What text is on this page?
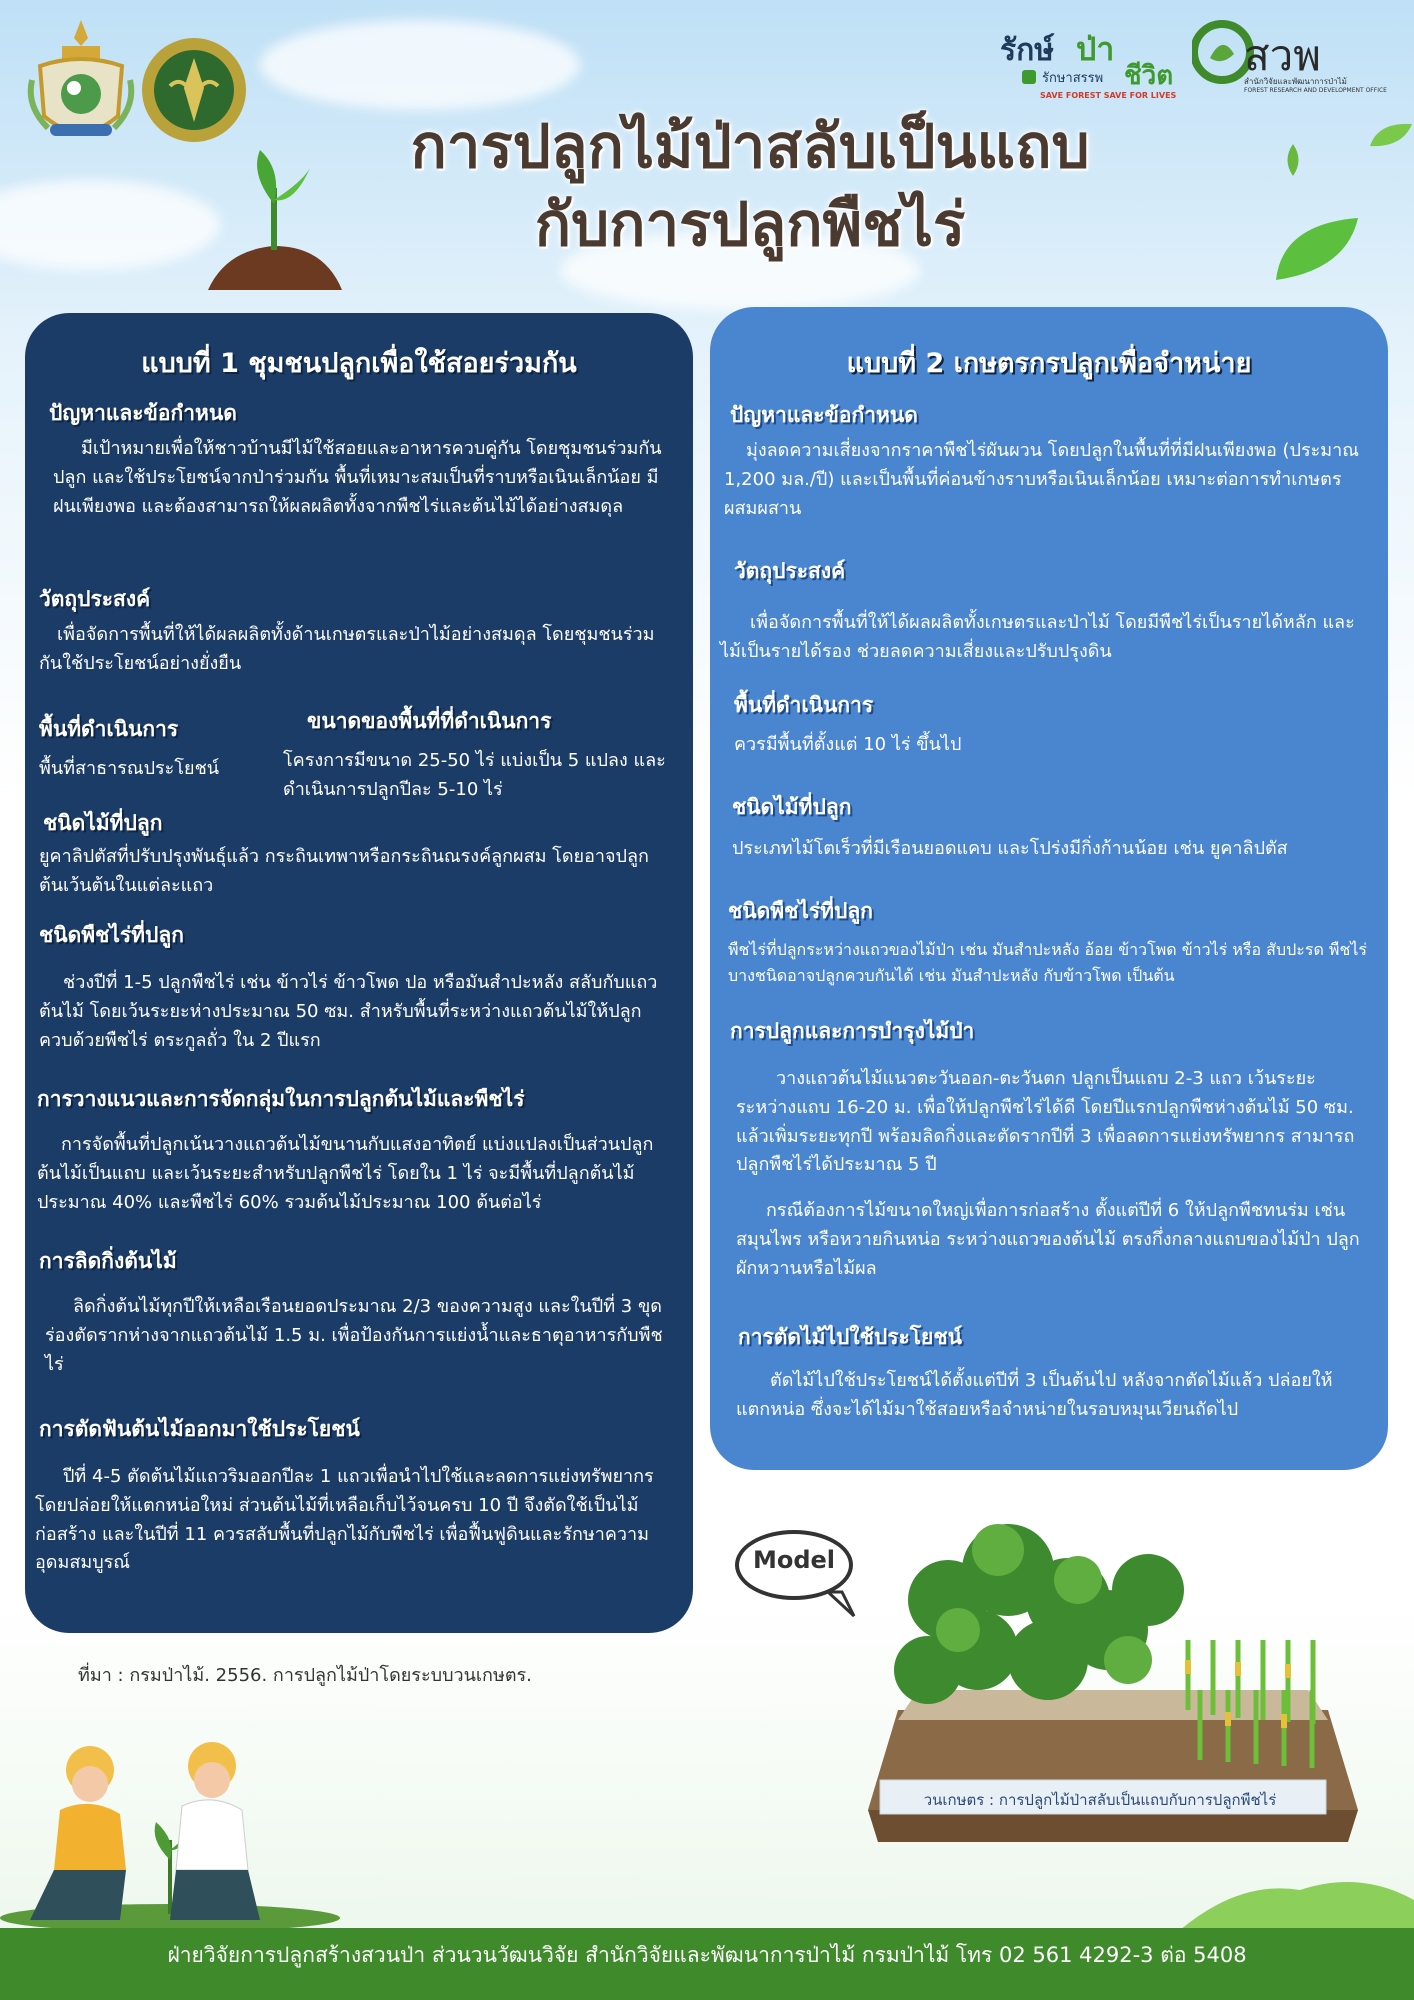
รักษ์ ป่า
ชีวิต
รักษาสรรพ
SAVE FOREST SAVE FOR LIVES
สวพ
สำนักวิจัยและพัฒนาการป่าไม้
FOREST RESEARCH AND DEVELOPMENT OFFICE
การปลูกไม้ป่าสลับเป็นแถบ
กับการปลูกพืชไร่
แบบที่ 1 ชุมชนปลูกเพื่อใช้สอยร่วมกัน
ปัญหาและข้อกำหนด

มีเป้าหมายเพื่อให้ชาวบ้านมีไม้ใช้สอยและอาหารควบคู่กัน โดยชุมชนร่วมกันปลูก และใช้ประโยชน์จากป่าร่วมกัน พื้นที่เหมาะสมเป็นที่ราบหรือเนินเล็กน้อย มีฝนเพียงพอ และต้องสามารถให้ผลผลิตทั้งจากพืชไร่และต้นไม้ได้อย่างสมดุล

วัตถุประสงค์

เพื่อจัดการพื้นที่ให้ได้ผลผลิตทั้งด้านเกษตรและป่าไม้อย่างสมดุล โดยชุมชนร่วมกันใช้ประโยชน์อย่างยั่งยืน

พื้นที่ดำเนินการ

พื้นที่สาธารณประโยชน์

ขนาดของพื้นที่ที่ดำเนินการ

โครงการมีขนาด 25-50 ไร่ แบ่งเป็น 5 แปลง และดำเนินการปลูกปีละ 5-10 ไร่

ชนิดไม้ที่ปลูก

ยูคาลิปตัสที่ปรับปรุงพันธุ์แล้ว กระถินเทพาหรือกระถินณรงค์ลูกผสม โดยอาจปลูกต้นเว้นต้นในแต่ละแถว

ชนิดพืชไร่ที่ปลูก

ช่วงปีที่ 1-5 ปลูกพืชไร่ เช่น ข้าวไร่ ข้าวโพด ปอ หรือมันสำปะหลัง สลับกับแถวต้นไม้ โดยเว้นระยะห่างประมาณ 50 ซม. สำหรับพื้นที่ระหว่างแถวต้นไม้ให้ปลูกควบด้วยพืชไร่ ตระกูลถั่ว ใน 2 ปีแรก

การวางแนวและการจัดกลุ่มในการปลูกต้นไม้และพืชไร่

การจัดพื้นที่ปลูกเน้นวางแถวต้นไม้ขนานกับแสงอาทิตย์ แบ่งแปลงเป็นส่วนปลูกต้นไม้เป็นแถบ และเว้นระยะสำหรับปลูกพืชไร่ โดยใน 1 ไร่ จะมีพื้นที่ปลูกต้นไม้ประมาณ 40% และพืชไร่ 60% รวมต้นไม้ประมาณ 100 ต้นต่อไร่

การลิดกิ่งต้นไม้

ลิดกิ่งต้นไม้ทุกปีให้เหลือเรือนยอดประมาณ 2/3 ของความสูง และในปีที่ 3 ขุดร่องตัดรากห่างจากแถวต้นไม้ 1.5 ม. เพื่อป้องกันการแย่งน้ำและธาตุอาหารกับพืชไร่

การตัดฟันต้นไม้ออกมาใช้ประโยชน์

ปีที่ 4-5 ตัดต้นไม้แถวริมออกปีละ 1 แถวเพื่อนำไปใช้และลดการแย่งทรัพยากร โดยปล่อยให้แตกหน่อใหม่ ส่วนต้นไม้ที่เหลือเก็บไว้จนครบ 10 ปี จึงตัดใช้เป็นไม้ก่อสร้าง และในปีที่ 11 ควรสลับพื้นที่ปลูกไม้กับพืชไร่ เพื่อฟื้นฟูดินและรักษาความอุดมสมบูรณ์

แบบที่ 2 เกษตรกรปลูกเพื่อจำหน่าย
ปัญหาและข้อกำหนด

มุ่งลดความเสี่ยงจากราคาพืชไร่ผันผวน โดยปลูกในพื้นที่ที่มีฝนเพียงพอ (ประมาณ 1,200 มล./ปี) และเป็นพื้นที่ค่อนข้างราบหรือเนินเล็กน้อย เหมาะต่อการทำเกษตรผสมผสาน

วัตถุประสงค์

เพื่อจัดการพื้นที่ให้ได้ผลผลิตทั้งเกษตรและป่าไม้ โดยมีพืชไร่เป็นรายได้หลัก และไม้เป็นรายได้รอง ช่วยลดความเสี่ยงและปรับปรุงดิน

พื้นที่ดำเนินการ

ควรมีพื้นที่ตั้งแต่ 10 ไร่ ขึ้นไป

ชนิดไม้ที่ปลูก

ประเภทไม้โตเร็วที่มีเรือนยอดแคบ และโปร่งมีกิ่งก้านน้อย เช่น ยูคาลิปตัส

ชนิดพืชไร่ที่ปลูก

พืชไร่ที่ปลูกระหว่างแถวของไม้ป่า เช่น มันสำปะหลัง อ้อย ข้าวโพด ข้าวไร่ หรือ สับปะรด พืชไร่บางชนิดอาจปลูกควบกันได้ เช่น มันสำปะหลัง กับข้าวโพด เป็นต้น

การปลูกและการบำรุงไม้ป่า

วางแถวต้นไม้แนวตะวันออก-ตะวันตก ปลูกเป็นแถบ 2-3 แถว เว้นระยะระหว่างแถบ 16-20 ม. เพื่อให้ปลูกพืชไร่ได้ดี โดยปีแรกปลูกพืชห่างต้นไม้ 50 ซม. แล้วเพิ่มระยะทุกปี พร้อมลิดกิ่งและตัดรากปีที่ 3 เพื่อลดการแย่งทรัพยากร สามารถปลูกพืชไร่ได้ประมาณ 5 ปี

กรณีต้องการไม้ขนาดใหญ่เพื่อการก่อสร้าง ตั้งแต่ปีที่ 6 ให้ปลูกพืชทนร่ม เช่น สมุนไพร หรือหวายกินหน่อ ระหว่างแถวของต้นไม้ ตรงกึ่งกลางแถบของไม้ป่า ปลูกผักหวานหรือไม้ผล

การตัดไม้ไปใช้ประโยชน์

ตัดไม้ไปใช้ประโยชน์ได้ตั้งแต่ปีที่ 3 เป็นต้นไป หลังจากตัดไม้แล้ว ปล่อยให้แตกหน่อ ซึ่งจะได้ไม้มาใช้สอยหรือจำหน่ายในรอบหมุนเวียนถัดไป

ที่มา : กรมป่าไม้. 2556. การปลูกไม้ป่าโดยระบบวนเกษตร.

Model

วนเกษตร : การปลูกไม้ป่าสลับเป็นแถบกับการปลูกพืชไร่

ฝ่ายวิจัยการปลูกสร้างสวนป่า ส่วนวนวัฒนวิจัย สำนักวิจัยและพัฒนาการป่าไม้ กรมป่าไม้ โทร 02 561 4292-3 ต่อ 5408
